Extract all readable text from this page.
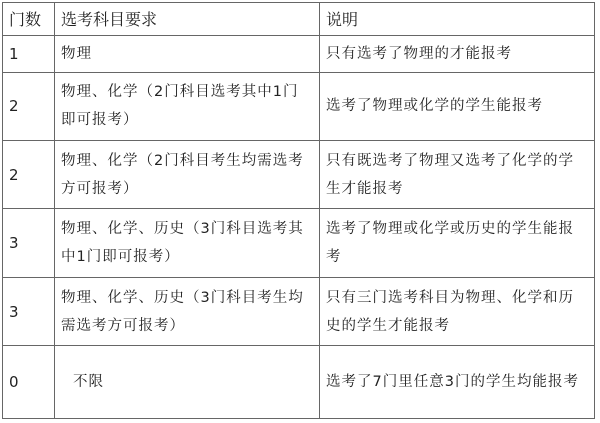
门数	选考科目要求	说明
1	物理	只有选考了物理的才能报考
2	物理、化学（2门科目选考其中1门即可报考）	选考了物理或化学的学生能报考
2	物理、化学（2门科目考生均需选考方可报考）	只有既选考了物理又选考了化学的学生才能报考
3	物理、化学、历史（3门科目选考其中1门即可报考）	选考了物理或化学或历史的学生能报考
3	物理、化学、历史（3门科目考生均需选考方可报考）	只有三门选考科目为物理、化学和历史的学生才能报考
0	不限	选考了7门里任意3门的学生均能报考
